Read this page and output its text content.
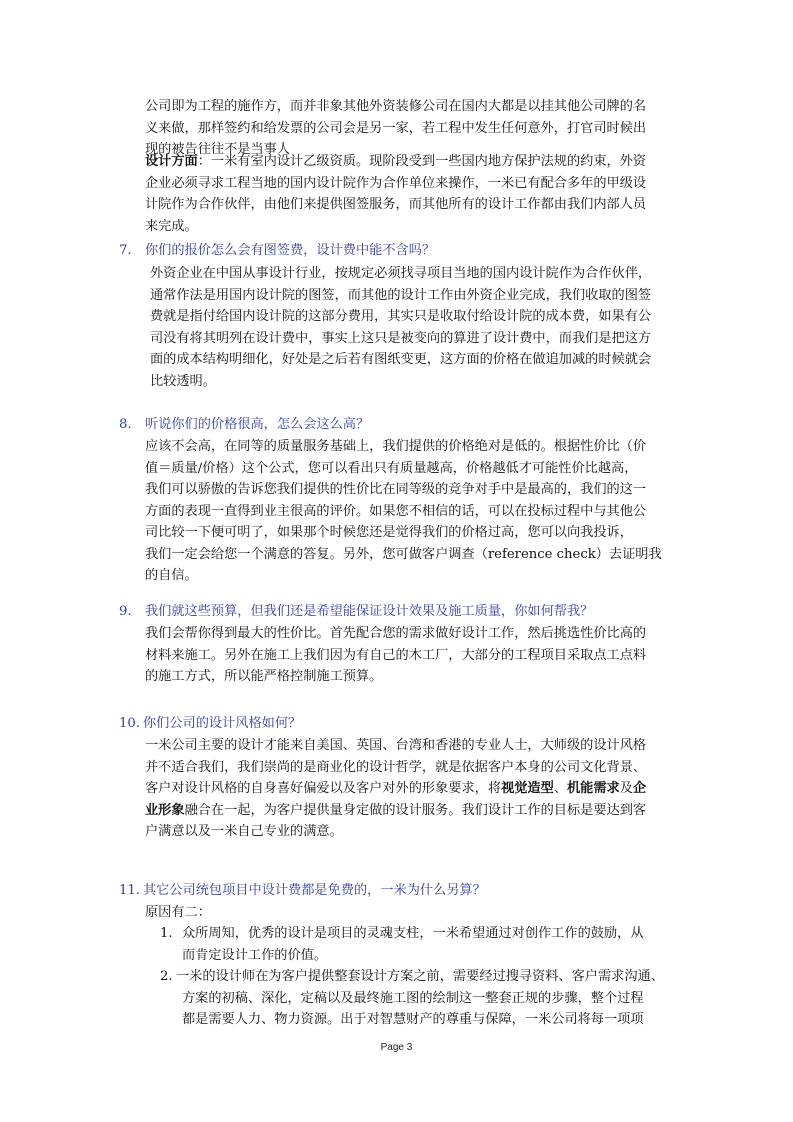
公司即为工程的施作方，而并非象其他外资装修公司在国内大都是以挂其他公司牌的名
义来做，那样签约和给发票的公司会是另一家，若工程中发生任何意外，打官司时候出
现的被告往往不是当事人
设计方面：一米有室内设计乙级资质。现阶段受到一些国内地方保护法规的约束，外资
企业必须寻求工程当地的国内设计院作为合作单位来操作，一米已有配合多年的甲级设
计院作为合作伙伴，由他们来提供图签服务，而其他所有的设计工作都由我们内部人员
来完成。
7. 你们的报价怎么会有图签费，设计费中能不含吗？
外资企业在中国从事设计行业，按规定必须找寻项目当地的国内设计院作为合作伙伴，
通常作法是用国内设计院的图签，而其他的设计工作由外资企业完成，我们收取的图签
费就是指付给国内设计院的这部分费用，其实只是收取付给设计院的成本费，如果有公
司没有将其明列在设计费中，事实上这只是被变向的算进了设计费中，而我们是把这方
面的成本结构明细化，好处是之后若有图纸变更，这方面的价格在做追加减的时候就会
比较透明。
8. 听说你们的价格很高，怎么会这么高？
应该不会高，在同等的质量服务基础上，我们提供的价格绝对是低的。根据性价比（价
值＝质量/价格）这个公式，您可以看出只有质量越高，价格越低才可能性价比越高，
我们可以骄傲的告诉您我们提供的性价比在同等级的竞争对手中是最高的，我们的这一
方面的表现一直得到业主很高的评价。如果您不相信的话，可以在投标过程中与其他公
司比较一下便可明了，如果那个时候您还是觉得我们的价格过高，您可以向我投诉，
我们一定会给您一个满意的答复。另外，您可做客户调查（reference check）去证明我
的自信。
9. 我们就这些预算，但我们还是希望能保证设计效果及施工质量，你如何帮我？
我们会帮你得到最大的性价比。首先配合您的需求做好设计工作，然后挑选性价比高的
材料来施工。另外在施工上我们因为有自己的木工厂，大部分的工程项目采取点工点料
的施工方式，所以能严格控制施工预算。
10. 你们公司的设计风格如何？
一米公司主要的设计才能来自美国、英国、台湾和香港的专业人士，大师级的设计风格
并不适合我们，我们崇尚的是商业化的设计哲学，就是依据客户本身的公司文化背景、
客户对设计风格的自身喜好偏爱以及客户对外的形象要求，将视觉造型、机能需求及企
业形象融合在一起，为客户提供量身定做的设计服务。我们设计工作的目标是要达到客
户满意以及一米自己专业的满意。
11. 其它公司统包项目中设计费都是免费的，一米为什么另算？
原因有二：
1. 众所周知，优秀的设计是项目的灵魂支柱，一米希望通过对创作工作的鼓励，从
而肯定设计工作的价值。
2. 一米的设计师在为客户提供整套设计方案之前，需要经过搜寻资料、客户需求沟通、
方案的初稿、深化，定稿以及最终施工图的绘制这一整套正规的步骤，整个过程
都是需要人力、物力资源。出于对智慧财产的尊重与保障，一米公司将每一项项
Page 3
